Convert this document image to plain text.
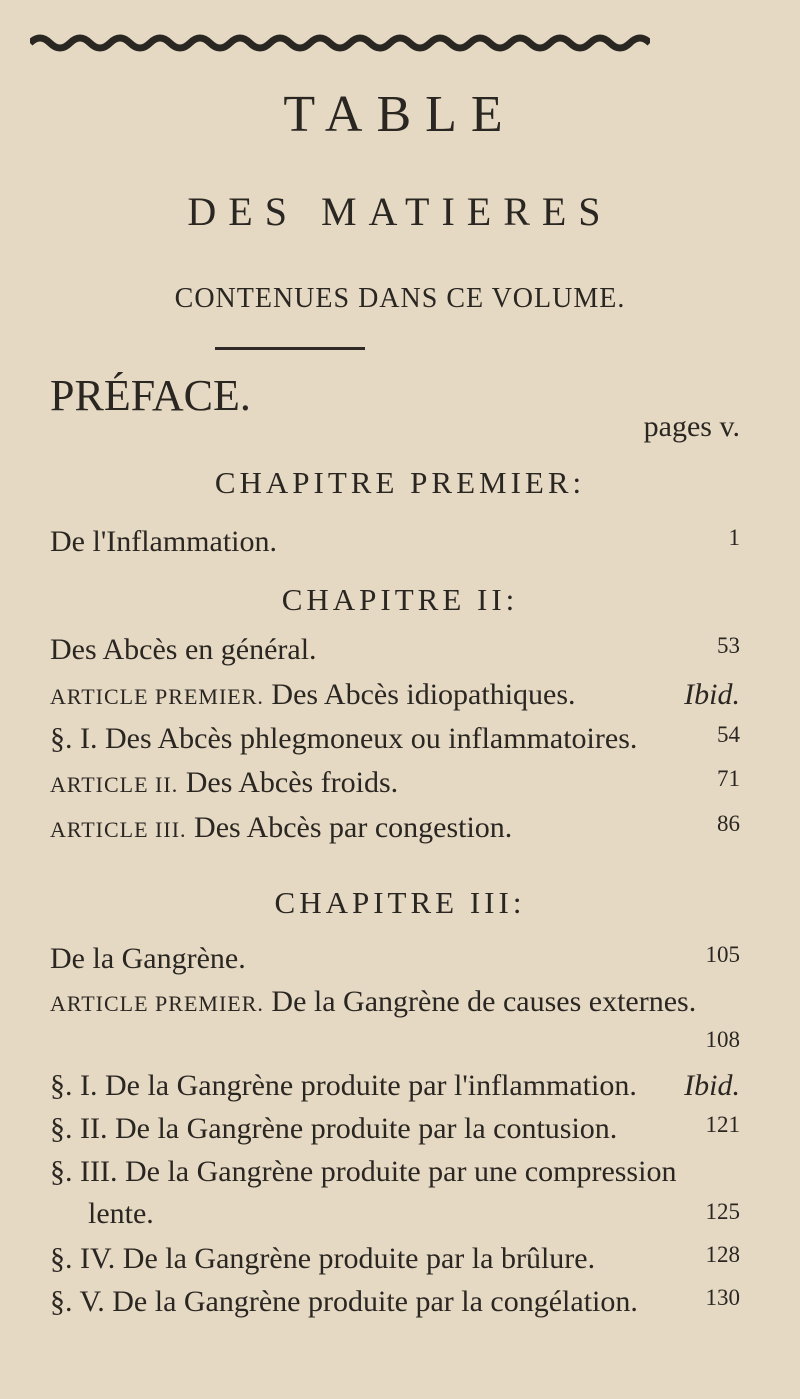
TABLE
DES MATIERES
CONTENUES DANS CE VOLUME.
PRÉFACE.
pages v.
CHAPITRE PREMIER:
De l'Inflammation.	1
CHAPITRE II:
Des Abcès en général.	53
ARTICLE PREMIER. Des Abcès idiopathiques.	Ibid.
§. I. Des Abcès phlegmoneux ou inflammatoires.	54
ARTICLE II. Des Abcès froids.	71
ARTICLE III. Des Abcès par congestion.	86
CHAPITRE III:
De la Gangrène.	105
ARTICLE PREMIER. De la Gangrène de causes externes.
108
§. I. De la Gangrène produite par l'inflammation. Ibid.
§. II. De la Gangrène produite par la contusion.	121
§. III. De la Gangrène produite par une compression
lente.	125
§. IV. De la Gangrène produite par la brûlure.	128
§. V. De la Gangrène produite par la congélation.	130
